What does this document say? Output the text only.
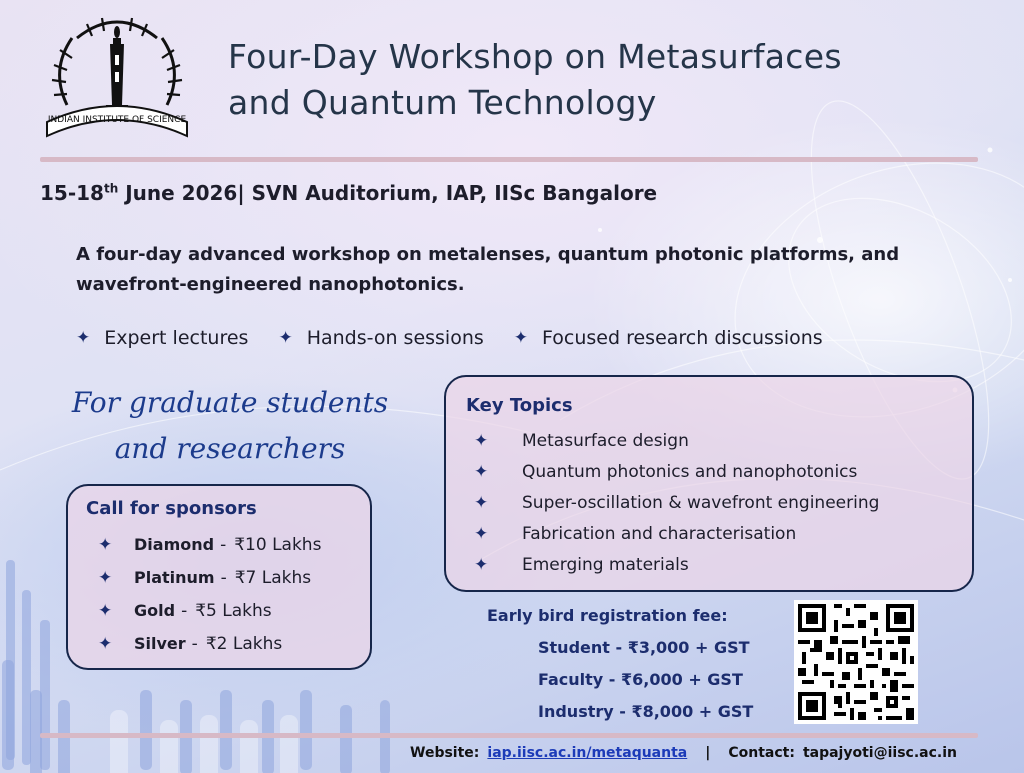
INDIAN INSTITUTE OF SCIENCE
Four-Day Workshop on Metasurfaces
and Quantum Technology
15-18th June 2026| SVN Auditorium, IAP, IISc Bangalore
A four-day advanced workshop on metalenses, quantum photonic platforms, and wavefront-engineered nanophotonics.
✦ Expert lectures ✦ Hands-on sessions ✦ Focused research discussions
For graduate students
and researchers
Call for sponsors
✦	Diamond - ₹10 Lakhs
✦	Platinum - ₹7 Lakhs
✦	Gold - ₹5 Lakhs
✦	Silver - ₹2 Lakhs
Key Topics
✦	Metasurface design
✦	Quantum photonics and nanophotonics
✦	Super-oscillation & wavefront engineering
✦	Fabrication and characterisation
✦	Emerging materials
Early bird registration fee:
Student - ₹3,000 + GST
Faculty - ₹6,000 + GST
Industry - ₹8,000 + GST
Website: iap.iisc.ac.in/metaquanta | Contact: tapajyoti@iisc.ac.in
